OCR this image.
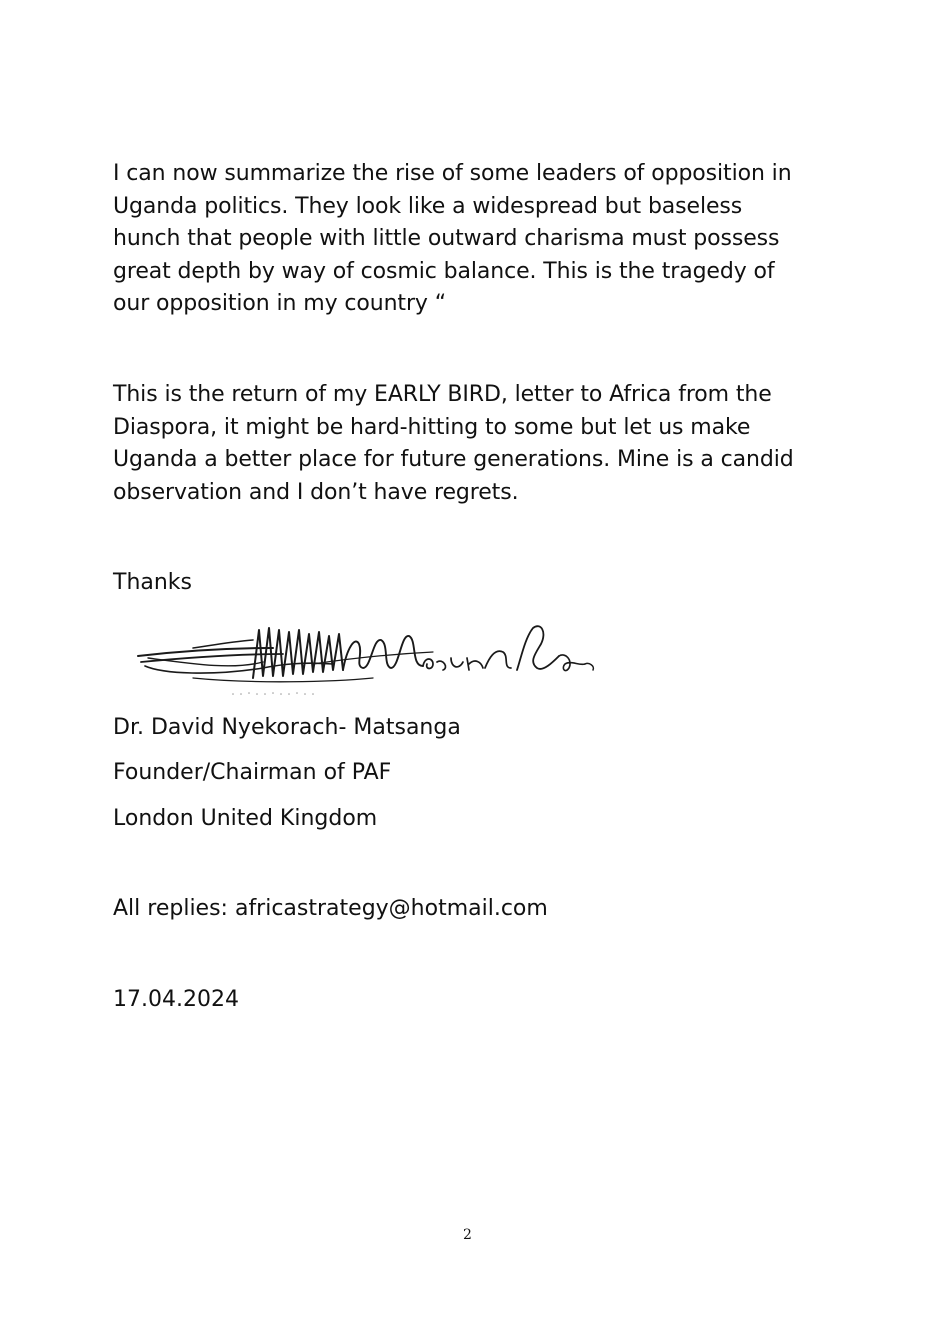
I can now summarize the rise of some leaders of opposition in Uganda politics. They look like a widespread but baseless hunch that people with little outward charisma must possess great depth by way of cosmic balance. This is the tragedy of our opposition in my country “

This is the return of my EARLY BIRD, letter to Africa from the Diaspora, it might be hard-hitting to some but let us make Uganda a better place for future generations. Mine is a candid observation and I don’t have regrets.

Thanks

Dr. David Nyekorach- Matsanga

Founder/Chairman of PAF

London United Kingdom

All replies: africastrategy@hotmail.com

17.04.2024

2
